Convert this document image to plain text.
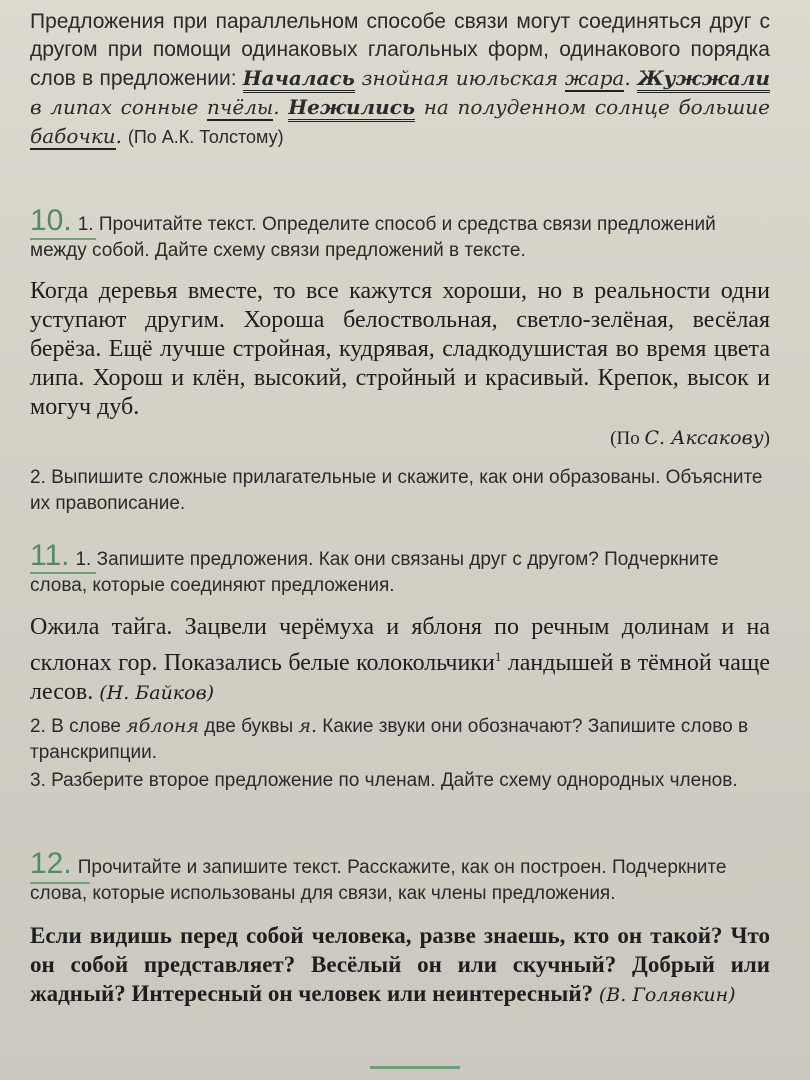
Предложения при параллельном способе связи могут соединяться друг с другом при помощи одинаковых глагольных форм, одинакового порядка слов в предложении: Началась знойная июльская жара. Жужжали в липах сонные пчёлы. Нежились на полуденном солнце большие бабочки. (По А.К. Толстому)
10. 1. Прочитайте текст. Определите способ и средства связи предложений между собой. Дайте схему связи предложений в тексте.
Когда деревья вместе, то все кажутся хороши, но в реальности одни уступают другим. Хороша белоствольная, светло-зелёная, весёлая берёза. Ещё лучше стройная, кудрявая, сладкодушистая во время цвета липа. Хорош и клён, высокий, стройный и красивый. Крепок, высок и могуч дуб.
(По С. Аксакову)
2. Выпишите сложные прилагательные и скажите, как они образованы. Объясните их правописание.
11. 1. Запишите предложения. Как они связаны друг с другом? Подчеркните слова, которые соединяют предложения.
Ожила тайга. Зацвели черёмуха и яблоня по речным долинам и на склонах гор. Показались белые колокольчики$^1$ ландышей в тёмной чаще лесов. (Н. Байков)
2. В слове яблоня две буквы я. Какие звуки они обозначают? Запишите слово в транскрипции.
3. Разберите второе предложение по членам. Дайте схему однородных членов.
12. Прочитайте и запишите текст. Расскажите, как он построен. Подчеркните слова, которые использованы для связи, как члены предложения.
Если видишь перед собой человека, разве знаешь, кто он такой? Что он собой представляет? Весёлый он или скучный? Добрый или жадный? Интересный он человек или неинтересный? (В. Голявкин)
